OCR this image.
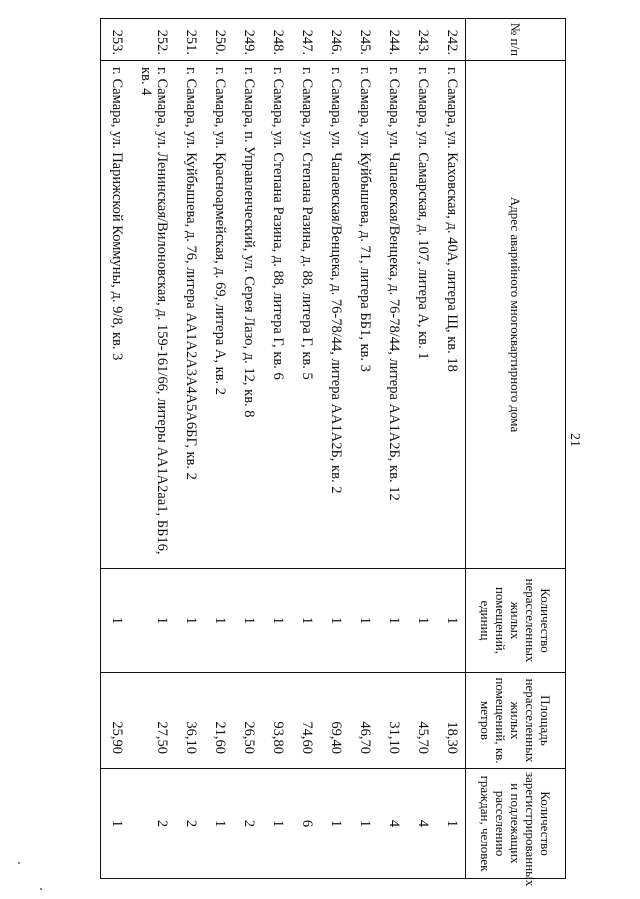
21
№ п/п	Адрес аварийного многоквартирного дома	Количество нерасселенных жилых помещений, единиц	Площадь нерасселенных жилых помещений, кв. метров	Количество зарегистрированных и подлежащих расселению граждан, человек
242.	г. Самара, ул. Каховская, д. 40А, литера Щ, кв. 18	1	18,30	1
243.	г. Самара, ул. Самарская, д. 107, литера А, кв. 1	1	45,70	4
244.	г. Самара, ул. Чапаевская/Венцека, д. 76-78/44, литера АА1А2Б, кв. 12	1	31,10	4
245.	г. Самара, ул. Куйбышева, д. 71, литера ББ1, кв. 3	1	46,70	1
246.	г. Самара, ул. Чапаевская/Венцека, д. 76-78/44, литера АА1А2Б, кв. 2	1	69,40	1
247.	г. Самара, ул. Степана Разина, д. 88, литера Г, кв. 5	1	74,60	6
248.	г. Самара, ул. Степана Разина, д. 88, литера Г, кв. 6	1	93,80	1
249.	г. Самара, п. Управленческий, ул. Серея Лазо, д. 12, кв. 8	1	26,50	2
250.	г. Самара, ул. Красноармейская, д. 69, литера А, кв. 2	1	21,60	1
251.	г. Самара, ул. Куйбышева, д. 76, литера АА1А2А3А4А5А6БГ, кв. 2	1	36,10	2
252.	г. Самара, ул. Ленинская/Вилоновская, д. 159-161/66, литеры АА1А2аа1, ББ16, кв. 4	1	27,50	2
253.	г. Самара, ул. Парижской Коммуны, д. 9/8, кв. 3	1	25,90	1
